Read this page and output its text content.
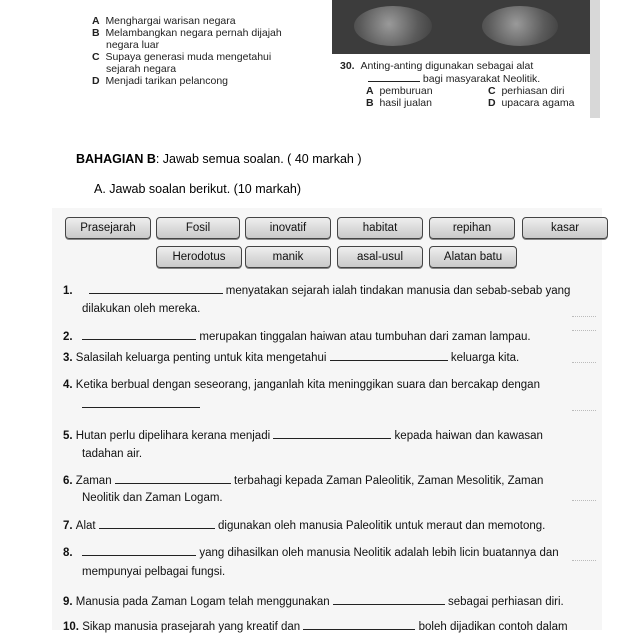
A Menghargai warisan negara
B Melambangkan negara pernah dijajah
negara luar
C Supaya generasi muda mengetahui
sejarah negara
D Menjadi tarikan pelancong
30. Anting-anting digunakan sebagai alat
bagi masyarakat Neolitik.
A pemburuan	C perhiasan diri
B hasil jualan	D upacara agama
BAHAGIAN B: Jawab semua soalan. ( 40 markah )
A. Jawab soalan berikut. (10 markah)
Prasejarah	Fosil	inovatif	habitat	repihan	kasar
Herodotus	manik	asal-usul	Alatan batu
1.	menyatakan sejarah ialah tindakan manusia dan sebab-sebab yang
dilakukan oleh mereka.
2.	merupakan tinggalan haiwan atau tumbuhan dari zaman lampau.
3. Salasilah keluarga penting untuk kita mengetahui	keluarga kita.
4. Ketika berbual dengan seseorang, janganlah kita meninggikan suara dan bercakap dengan
5. Hutan perlu dipelihara kerana menjadi	kepada haiwan dan kawasan
tadahan air.
6. Zaman	terbahagi kepada Zaman Paleolitik, Zaman Mesolitik, Zaman
Neolitik dan Zaman Logam.
7. Alat	digunakan oleh manusia Paleolitik untuk meraut dan memotong.
8.	yang dihasilkan oleh manusia Neolitik adalah lebih licin buatannya dan
mempunyai pelbagai fungsi.
9. Manusia pada Zaman Logam telah menggunakan	sebagai perhiasan diri.
10. Sikap manusia prasejarah yang kreatif dan	boleh dijadikan contoh dalam
